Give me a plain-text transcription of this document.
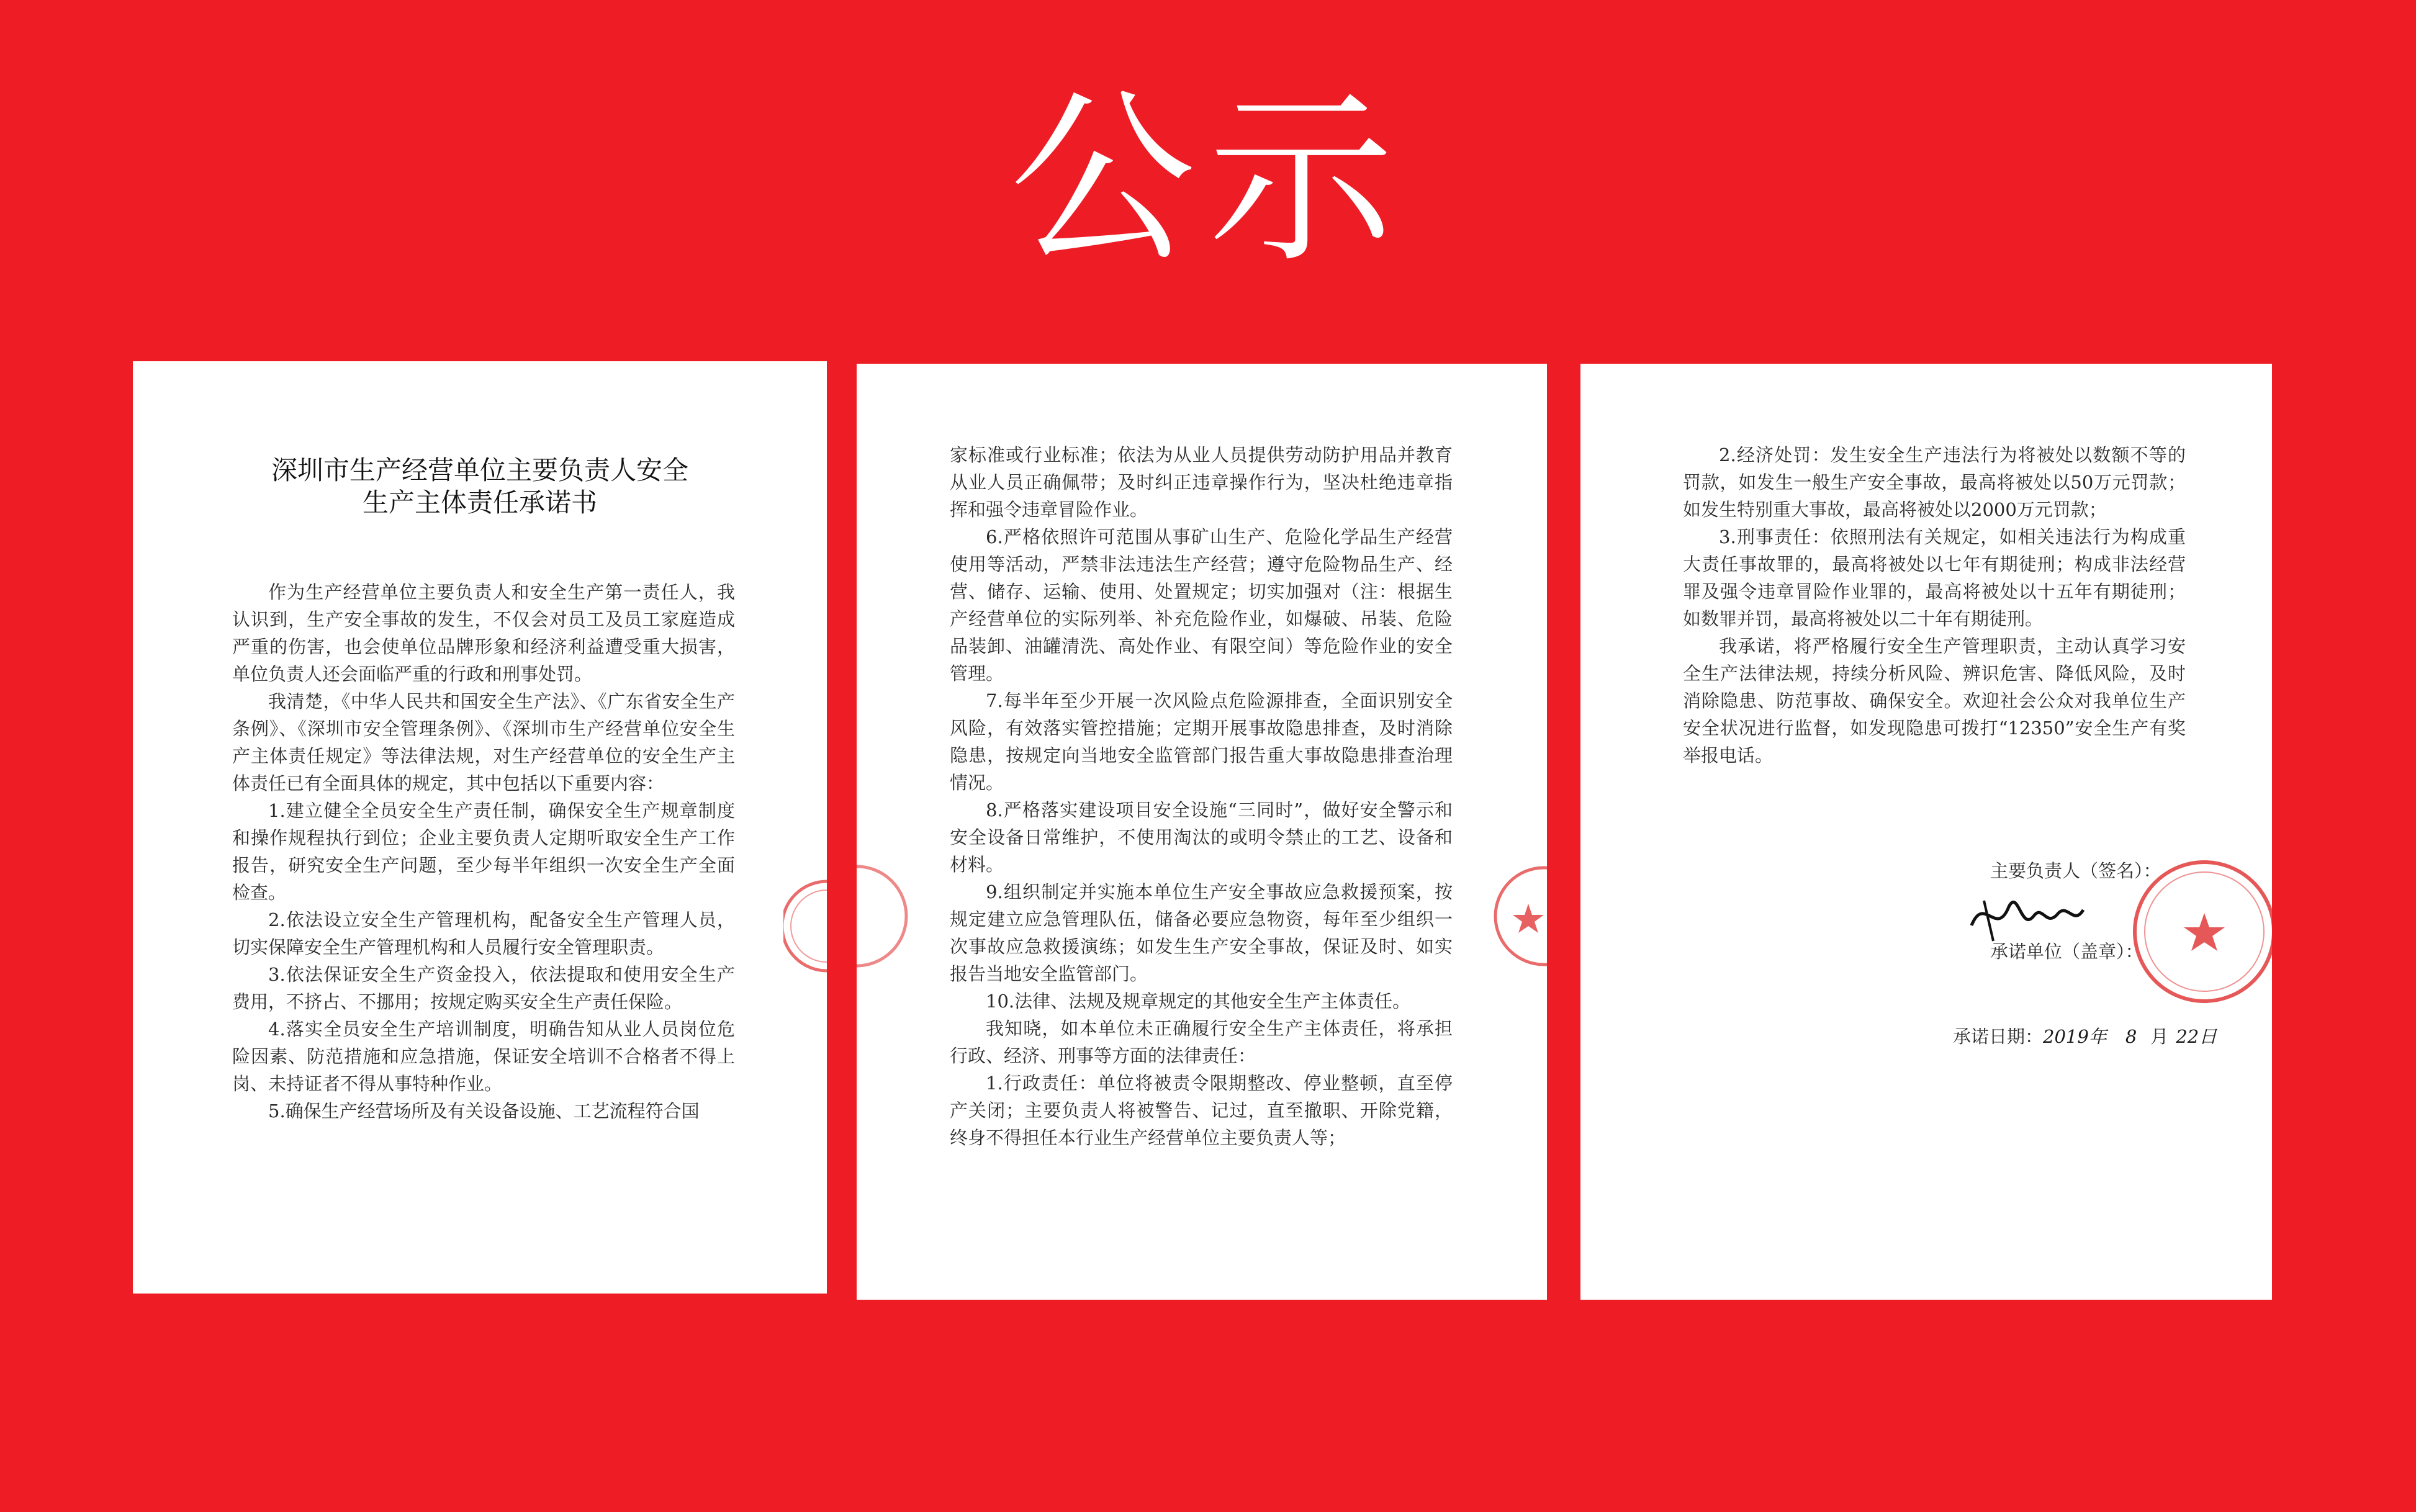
公示
深圳市生产经营单位主要负责人安全
生产主体责任承诺书

作为生产经营单位主要负责人和安全生产第一责任人，我认识到，生产安全事故的发生，不仅会对员工及员工家庭造成严重的伤害，也会使单位品牌形象和经济利益遭受重大损害，单位负责人还会面临严重的行政和刑事处罚。

我清楚，《中华人民共和国安全生产法》、《广东省安全生产条例》、《深圳市安全管理条例》、《深圳市生产经营单位安全生产主体责任规定》等法律法规，对生产经营单位的安全生产主体责任已有全面具体的规定，其中包括以下重要内容：

1.建立健全全员安全生产责任制，确保安全生产规章制度和操作规程执行到位；企业主要负责人定期听取安全生产工作报告，研究安全生产问题，至少每半年组织一次安全生产全面检查。

2.依法设立安全生产管理机构，配备安全生产管理人员，切实保障安全生产管理机构和人员履行安全管理职责。

3.依法保证安全生产资金投入，依法提取和使用安全生产费用，不挤占、不挪用；按规定购买安全生产责任保险。

4.落实全员安全生产培训制度，明确告知从业人员岗位危险因素、防范措施和应急措施，保证安全培训不合格者不得上岗、未持证者不得从事特种作业。

5.确保生产经营场所及有关设备设施、工艺流程符合国

家标准或行业标准；依法为从业人员提供劳动防护用品并教育从业人员正确佩带；及时纠正违章操作行为，坚决杜绝违章指挥和强令违章冒险作业。

6.严格依照许可范围从事矿山生产、危险化学品生产经营使用等活动，严禁非法违法生产经营；遵守危险物品生产、经营、储存、运输、使用、处置规定；切实加强对（注：根据生产经营单位的实际列举、补充危险作业，如爆破、吊装、危险品装卸、油罐清洗、高处作业、有限空间）等危险作业的安全管理。

7.每半年至少开展一次风险点危险源排查，全面识别安全风险，有效落实管控措施；定期开展事故隐患排查，及时消除隐患，按规定向当地安全监管部门报告重大事故隐患排查治理情况。

8.严格落实建设项目安全设施“三同时”，做好安全警示和安全设备日常维护，不使用淘汰的或明令禁止的工艺、设备和材料。

9.组织制定并实施本单位生产安全事故应急救援预案，按规定建立应急管理队伍，储备必要应急物资，每年至少组织一次事故应急救援演练；如发生生产安全事故，保证及时、如实报告当地安全监管部门。

10.法律、法规及规章规定的其他安全生产主体责任。

我知晓，如本单位未正确履行安全生产主体责任，将承担行政、经济、刑事等方面的法律责任：

1.行政责任：单位将被责令限期整改、停业整顿，直至停产关闭；主要负责人将被警告、记过，直至撤职、开除党籍，终身不得担任本行业生产经营单位主要负责人等；

2.经济处罚：发生安全生产违法行为将被处以数额不等的罚款，如发生一般生产安全事故，最高将被处以50万元罚款；如发生特别重大事故，最高将被处以2000万元罚款；

3.刑事责任：依照刑法有关规定，如相关违法行为构成重大责任事故罪的，最高将被处以七年有期徒刑；构成非法经营罪及强令违章冒险作业罪的，最高将被处以十五年有期徒刑；如数罪并罚，最高将被处以二十年有期徒刑。

我承诺，将严格履行安全生产管理职责，主动认真学习安全生产法律法规，持续分析风险、辨识危害、降低风险，及时消除隐患、防范事故、确保安全。欢迎社会公众对我单位生产安全状况进行监督，如发现隐患可拨打“12350”安全生产有奖举报电话。

主要负责人（签名）：
承诺单位（盖章）：
承诺日期：2019年 8 月 22日
